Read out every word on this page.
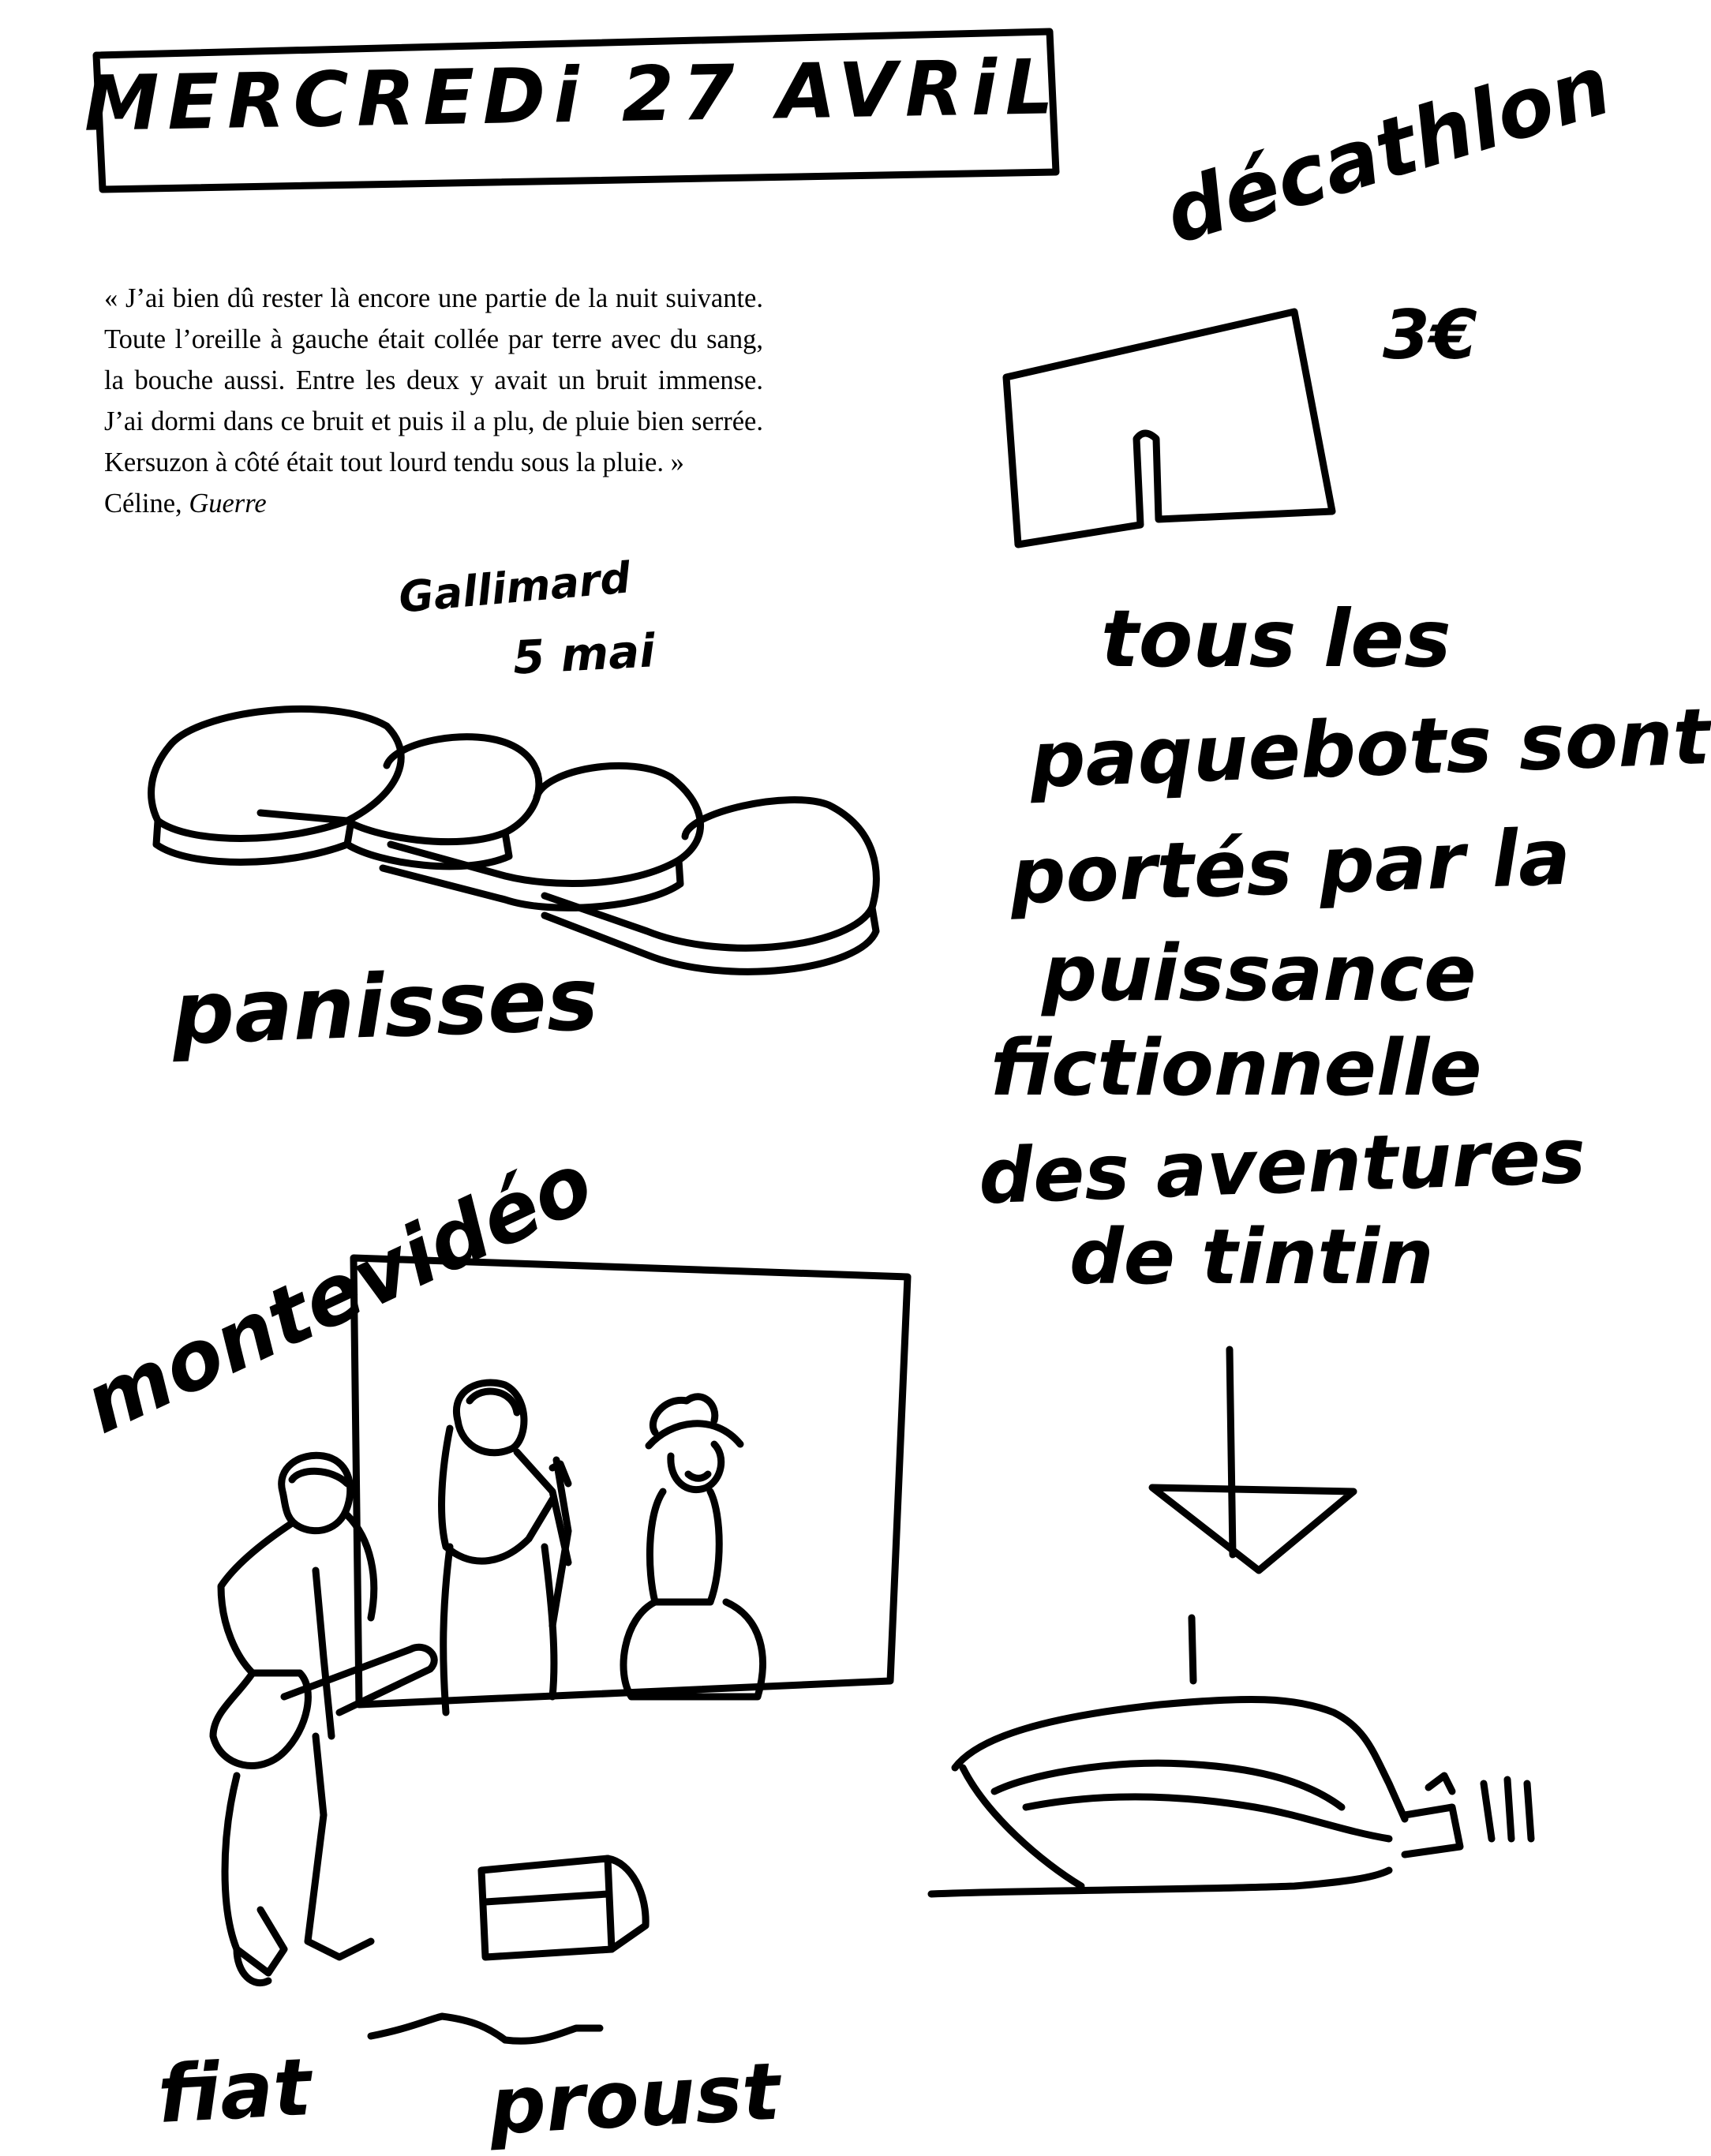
MERCREDi 27 AVRiL

« J’ai bien dû rester là encore une partie de la nuit suivante. Toute l’oreille à gauche était collée par terre avec du sang, la bouche aussi. Entre les deux y avait un bruit immense. J’ai dormi dans ce bruit et puis il a plu, de pluie bien serrée. Kersuzon à côté était tout lourd tendu sous la pluie. »

Céline, Guerre

Gallimard
5 mai
décathlon
3€
panisses
montevidéo
fiat proust
tous les
paquebots sont
portés par la
puissance
fictionnelle
des aventures
de tintin
